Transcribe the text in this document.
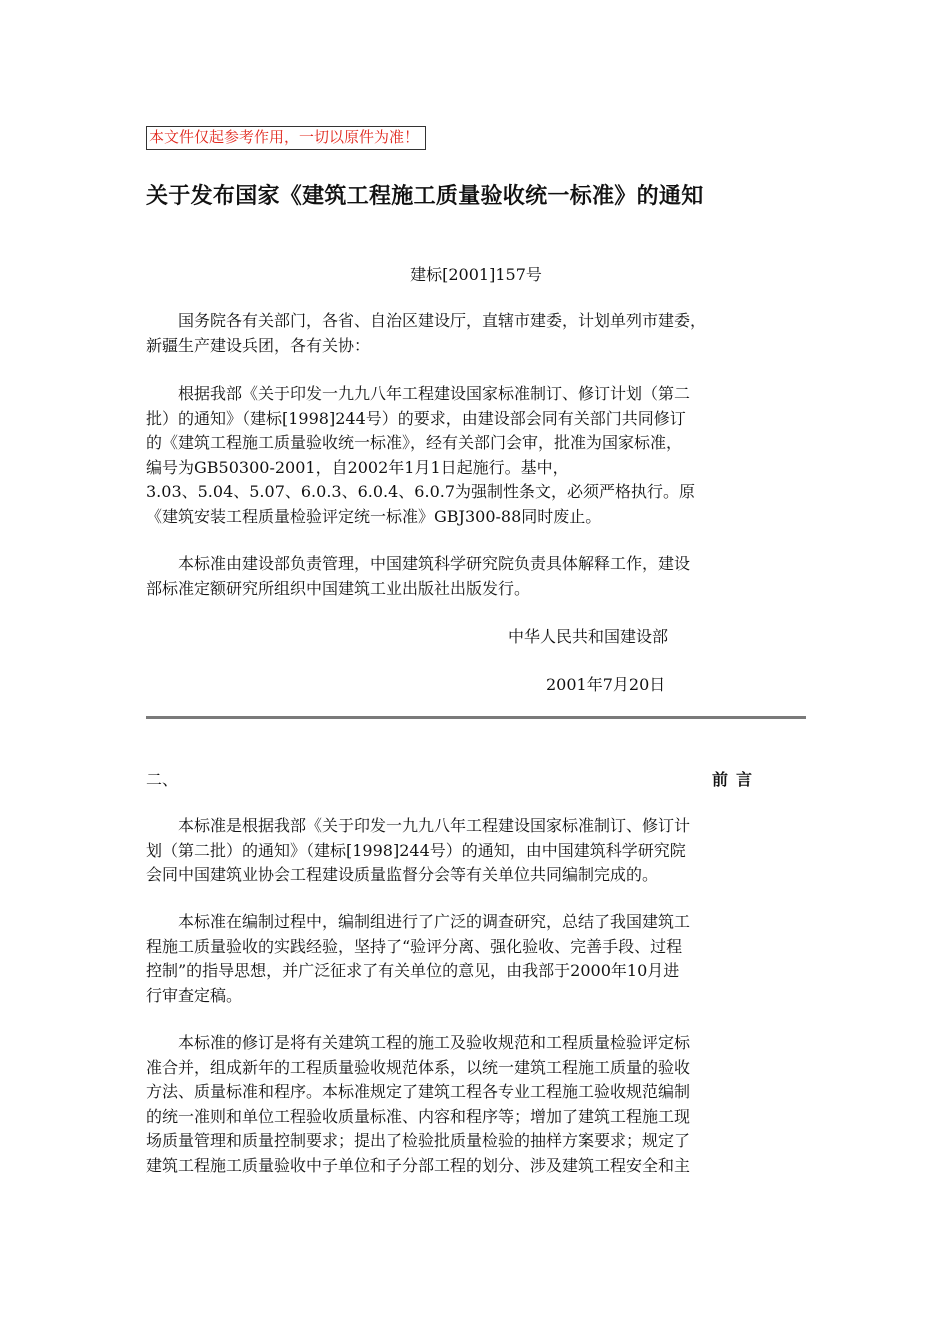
本文件仅起参考作用，一切以原件为准！
关于发布国家《建筑工程施工质量验收统一标准》的通知
建标[2001]157号

　　国务院各有关部门，各省、自治区建设厅，直辖市建委，计划单列市建委，
新疆生产建设兵团，各有关协：

　　根据我部《关于印发一九九八年工程建设国家标准制订、修订计划（第二
批）的通知》（建标[1998]244号）的要求，由建设部会同有关部门共同修订
的《建筑工程施工质量验收统一标准》，经有关部门会审，批准为国家标准，
编号为GB50300-2001，自2002年1月1日起施行。基中，
3.03、5.04、5.07、6.0.3、6.0.4、6.0.7为强制性条文，必须严格执行。原
《建筑安装工程质量检验评定统一标准》GBJ300-88同时废止。

　　本标准由建设部负责管理，中国建筑科学研究院负责具体解释工作，建设
部标准定额研究所组织中国建筑工业出版社出版发行。

中华人民共和国建设部
2001年7月20日
二、	前言

　　本标准是根据我部《关于印发一九九八年工程建设国家标准制订、修订计
划（第二批）的通知》（建标[1998]244号）的通知，由中国建筑科学研究院
会同中国建筑业协会工程建设质量监督分会等有关单位共同编制完成的。

　　本标准在编制过程中，编制组进行了广泛的调查研究，总结了我国建筑工
程施工质量验收的实践经验，坚持了“验评分离、强化验收、完善手段、过程
控制”的指导思想，并广泛征求了有关单位的意见，由我部于2000年10月进
行审查定稿。

　　本标准的修订是将有关建筑工程的施工及验收规范和工程质量检验评定标
准合并，组成新年的工程质量验收规范体系，以统一建筑工程施工质量的验收
方法、质量标准和程序。本标准规定了建筑工程各专业工程施工验收规范编制
的统一准则和单位工程验收质量标准、内容和程序等；增加了建筑工程施工现
场质量管理和质量控制要求；提出了检验批质量检验的抽样方案要求；规定了
建筑工程施工质量验收中子单位和子分部工程的划分、涉及建筑工程安全和主
